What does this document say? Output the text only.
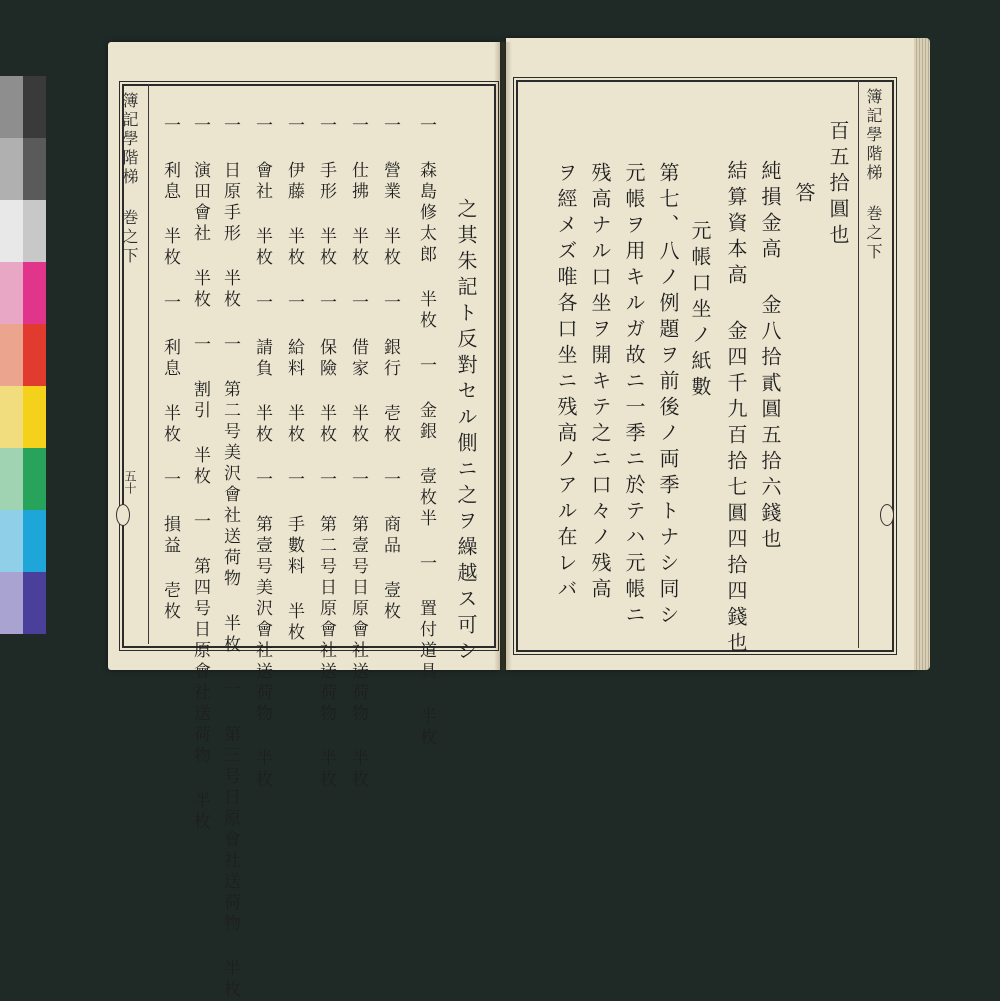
簿記學階梯 巻之下
五十	之其朱記ト反對セル側ニ之ヲ繰越ス可シ
一 森島修太郎 半枚 一 金銀 壹枚半 一 置付道具 半枚
一 營業 半枚 一 銀行 壱枚 一 商品 壹枚
一 仕拂 半枚 一 借家 半枚 一 第壹号日原會社送荷物 半枚
一 手形 半枚 一 保險 半枚 一 第二号日原會社送荷物 半枚
一 伊藤 半枚 一 給料 半枚 一 手數料 半枚
一 會社 半枚 一 請負 半枚 一 第壹号美沢會社送荷物 半枚
一 日原手形 半枚 一 第二号美沢會社送荷物 半枚 一 第三号日原會社送荷物 半枚
一 演田會社 半枚 一 割引 半枚 一 第四号日原會社送荷物 半枚
一 利息 半枚 一 利息 半枚 一 損益 壱枚	簿記學階梯 巻之下
百五拾圓也
答
純損金高 金八拾貳圓五拾六錢也
結算資本高 金四千九百拾七圓四拾四錢也
元帳口坐ノ紙數
第七、八ノ例題ヲ前後ノ両季トナシ同シ
元帳ヲ用キルガ故ニ一季ニ於テハ元帳ニ
残高ナル口坐ヲ開キテ之ニ口々ノ残高
ヲ經メズ唯各口坐ニ残高ノアル在レバ
